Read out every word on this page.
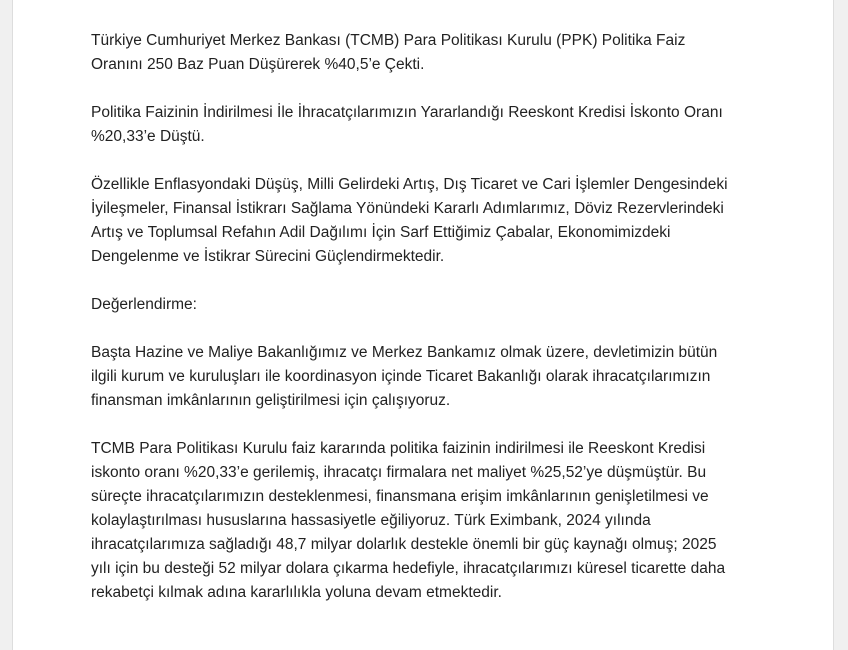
Türkiye Cumhuriyet Merkez Bankası (TCMB) Para Politikası Kurulu (PPK) Politika Faiz Oranını 250 Baz Puan Düşürerek %40,5’e Çekti.

Politika Faizinin İndirilmesi İle İhracatçılarımızın Yararlandığı Reeskont Kredisi İskonto Oranı %20,33’e Düştü.

Özellikle Enflasyondaki Düşüş, Milli Gelirdeki Artış, Dış Ticaret ve Cari İşlemler Dengesindeki İyileşmeler, Finansal İstikrarı Sağlama Yönündeki Kararlı Adımlarımız, Döviz Rezervlerindeki Artış ve Toplumsal Refahın Adil Dağılımı İçin Sarf Ettiğimiz Çabalar, Ekonomimizdeki Dengelenme ve İstikrar Sürecini Güçlendirmektedir.

Değerlendirme:

Başta Hazine ve Maliye Bakanlığımız ve Merkez Bankamız olmak üzere, devletimizin bütün ilgili kurum ve kuruluşları ile koordinasyon içinde Ticaret Bakanlığı olarak ihracatçılarımızın finansman imkânlarının geliştirilmesi için çalışıyoruz.

TCMB Para Politikası Kurulu faiz kararında politika faizinin indirilmesi ile Reeskont Kredisi iskonto oranı %20,33’e gerilemiş, ihracatçı firmalara net maliyet %25,52’ye düşmüştür. Bu süreçte ihracatçılarımızın desteklenmesi, finansmana erişim imkânlarının genişletilmesi ve kolaylaştırılması hususlarına hassasiyetle eğiliyoruz. Türk Eximbank, 2024 yılında ihracatçılarımıza sağladığı 48,7 milyar dolarlık destekle önemli bir güç kaynağı olmuş; 2025 yılı için bu desteği 52 milyar dolara çıkarma hedefiyle, ihracatçılarımızı küresel ticarette daha rekabetçi kılmak adına kararlılıkla yoluna devam etmektedir.
